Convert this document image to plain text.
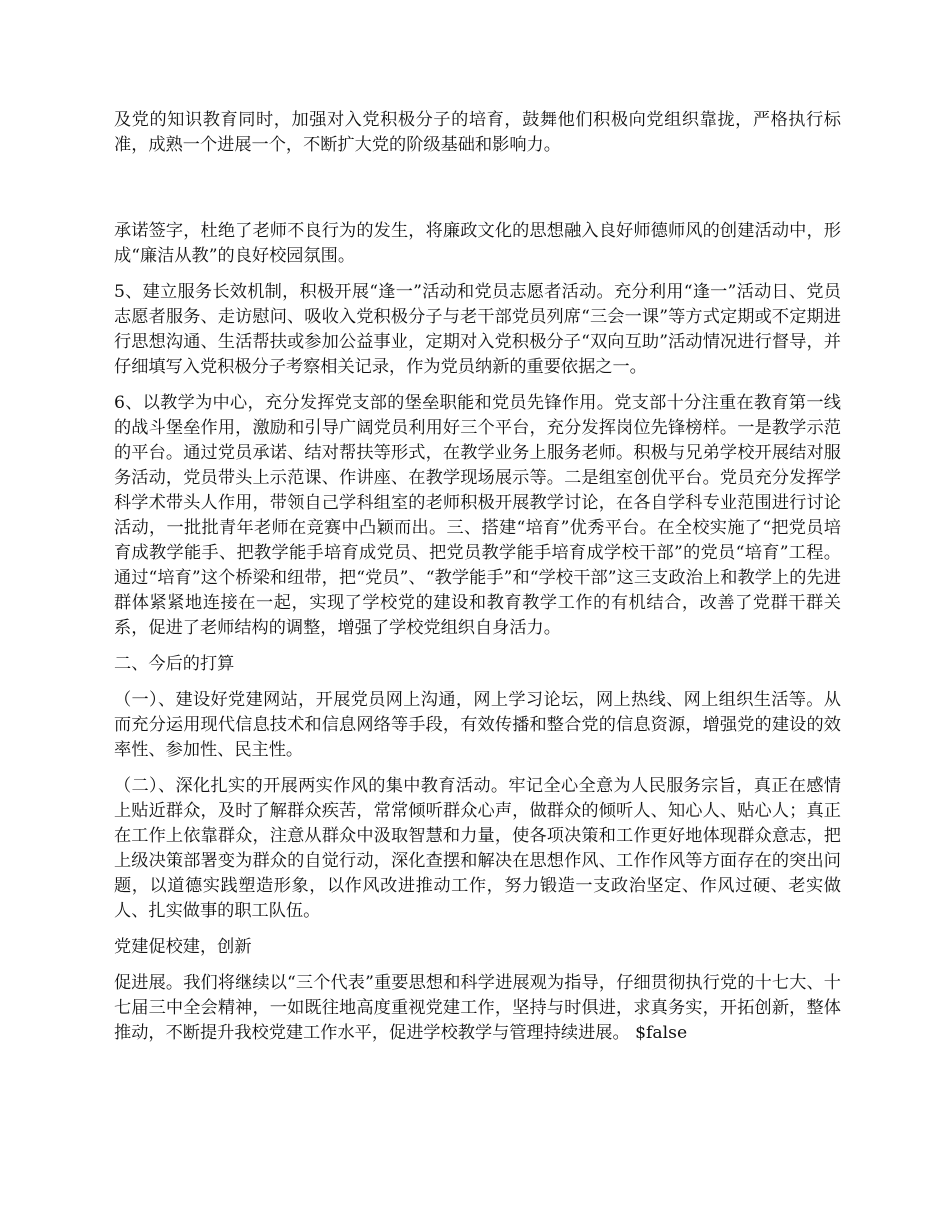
及党的知识教育同时，加强对入党积极分子的培育，鼓舞他们积极向党组织靠拢，严格执行标准，成熟一个进展一个，不断扩大党的阶级基础和影响力。

承诺签字，杜绝了老师不良行为的发生，将廉政文化的思想融入良好师德师风的创建活动中，形成“廉洁从教”的良好校园氛围。

5、建立服务长效机制，积极开展“逢一”活动和党员志愿者活动。充分利用“逢一”活动日、党员志愿者服务、走访慰问、吸收入党积极分子与老干部党员列席“三会一课”等方式定期或不定期进行思想沟通、生活帮扶或参加公益事业，定期对入党积极分子“双向互助”活动情况进行督导，并仔细填写入党积极分子考察相关记录，作为党员纳新的重要依据之一。

6、以教学为中心，充分发挥党支部的堡垒职能和党员先锋作用。党支部十分注重在教育第一线的战斗堡垒作用，激励和引导广阔党员利用好三个平台，充分发挥岗位先锋榜样。一是教学示范的平台。通过党员承诺、结对帮扶等形式，在教学业务上服务老师。积极与兄弟学校开展结对服务活动，党员带头上示范课、作讲座、在教学现场展示等。二是组室创优平台。党员充分发挥学科学术带头人作用，带领自己学科组室的老师积极开展教学讨论，在各自学科专业范围进行讨论活动，一批批青年老师在竞赛中凸颖而出。三、搭建“培育”优秀平台。在全校实施了“把党员培育成教学能手、把教学能手培育成党员、把党员教学能手培育成学校干部”的党员“培育”工程。通过“培育”这个桥梁和纽带，把“党员”、“教学能手”和“学校干部”这三支政治上和教学上的先进群体紧紧地连接在一起，实现了学校党的建设和教育教学工作的有机结合，改善了党群干群关系，促进了老师结构的调整，增强了学校党组织自身活力。

二、今后的打算

（一）、建设好党建网站，开展党员网上沟通，网上学习论坛，网上热线、网上组织生活等。从而充分运用现代信息技术和信息网络等手段，有效传播和整合党的信息资源，增强党的建设的效率性、参加性、民主性。

（二）、深化扎实的开展两实作风的集中教育活动。牢记全心全意为人民服务宗旨，真正在感情上贴近群众，及时了解群众疾苦，常常倾听群众心声，做群众的倾听人、知心人、贴心人；真正在工作上依靠群众，注意从群众中汲取智慧和力量，使各项决策和工作更好地体现群众意志，把上级决策部署变为群众的自觉行动，深化查摆和解决在思想作风、工作作风等方面存在的突出问题，以道德实践塑造形象，以作风改进推动工作，努力锻造一支政治坚定、作风过硬、老实做人、扎实做事的职工队伍。

党建促校建，创新

促进展。我们将继续以“三个代表”重要思想和科学进展观为指导，仔细贯彻执行党的十七大、十七届三中全会精神，一如既往地高度重视党建工作，坚持与时俱进，求真务实，开拓创新，整体推动，不断提升我校党建工作水平，促进学校教学与管理持续进展。 $false
